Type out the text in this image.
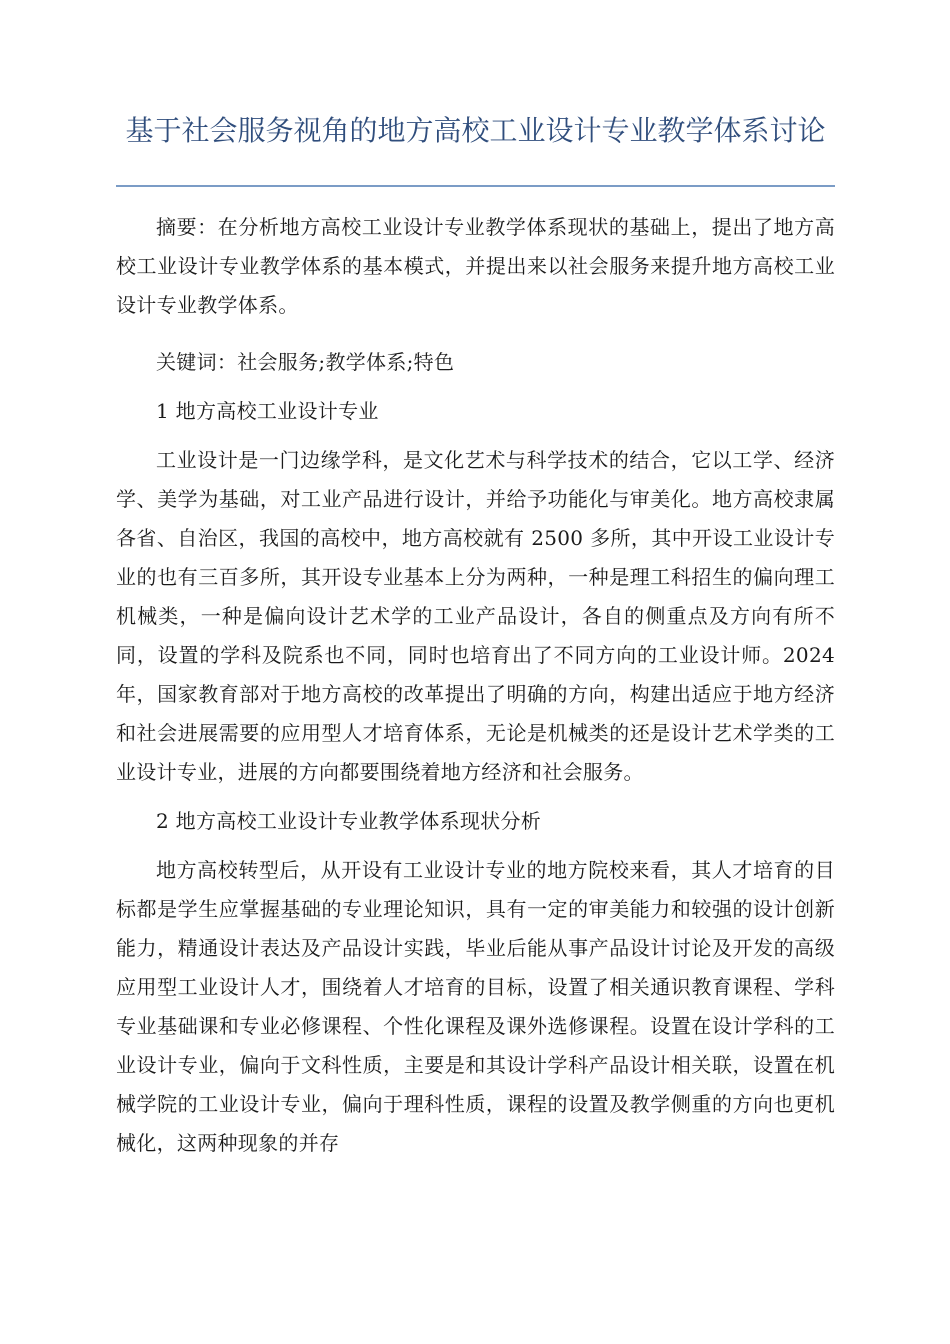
基于社会服务视角的地方高校工业设计专业教学体系讨论

摘要：在分析地方高校工业设计专业教学体系现状的基础上，提出了地方高校工业设计专业教学体系的基本模式，并提出来以社会服务来提升地方高校工业设计专业教学体系。

关键词：社会服务;教学体系;特色

1 地方高校工业设计专业

工业设计是一门边缘学科，是文化艺术与科学技术的结合，它以工学、经济学、美学为基础，对工业产品进行设计，并给予功能化与审美化。地方高校隶属各省、自治区，我国的高校中，地方高校就有 2500 多所，其中开设工业设计专业的也有三百多所，其开设专业基本上分为两种，一种是理工科招生的偏向理工机械类，一种是偏向设计艺术学的工业产品设计，各自的侧重点及方向有所不同，设置的学科及院系也不同，同时也培育出了不同方向的工业设计师。2024 年，国家教育部对于地方高校的改革提出了明确的方向，构建出适应于地方经济和社会进展需要的应用型人才培育体系，无论是机械类的还是设计艺术学类的工业设计专业，进展的方向都要围绕着地方经济和社会服务。

2 地方高校工业设计专业教学体系现状分析

地方高校转型后，从开设有工业设计专业的地方院校来看，其人才培育的目标都是学生应掌握基础的专业理论知识，具有一定的审美能力和较强的设计创新能力，精通设计表达及产品设计实践，毕业后能从事产品设计讨论及开发的高级应用型工业设计人才，围绕着人才培育的目标，设置了相关通识教育课程、学科专业基础课和专业必修课程、个性化课程及课外选修课程。设置在设计学科的工业设计专业，偏向于文科性质，主要是和其设计学科产品设计相关联，设置在机械学院的工业设计专业，偏向于理科性质，课程的设置及教学侧重的方向也更机械化，这两种现象的并存
